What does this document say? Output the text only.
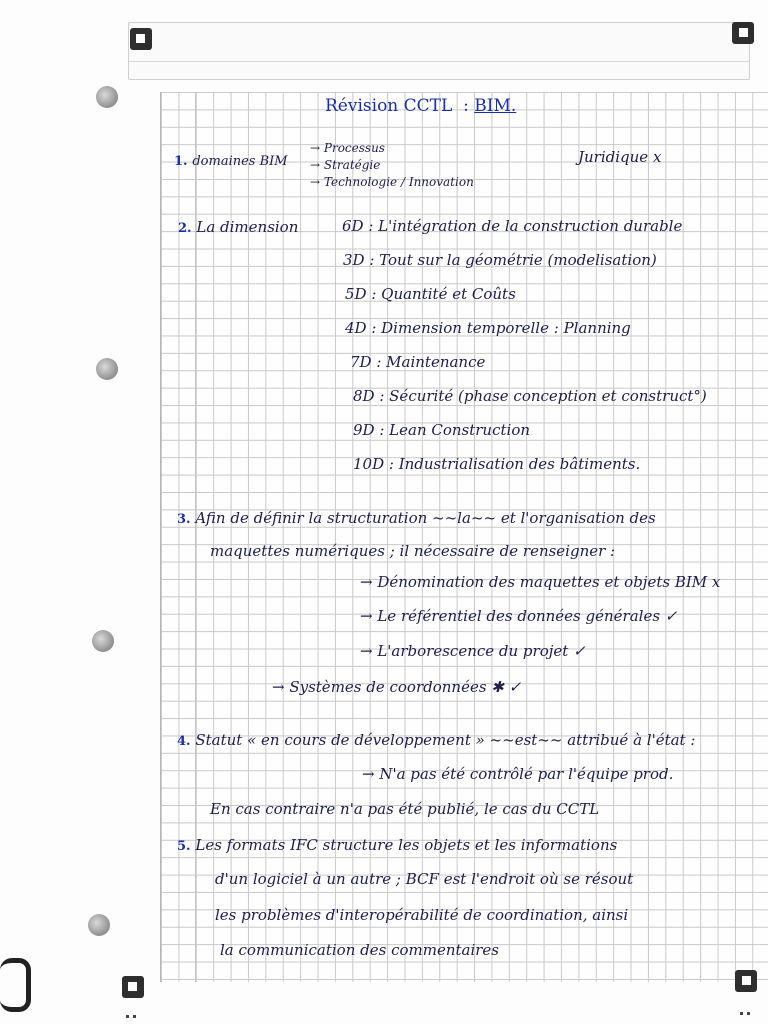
Révision CCTL : BIM.
1. domaines BIM
→ Processus
→ Stratégie
→ Technologie / Innovation
Juridique x
2. La dimension	6D : L'intégration de la construction durable
3D : Tout sur la géométrie (modelisation)
5D : Quantité et Coûts
4D : Dimension temporelle : Planning
7D : Maintenance
8D : Sécurité (phase conception et construct°)
9D : Lean Construction
10D : Industrialisation des bâtiments.
3. Afin de définir la structuration ~~la~~ et l'organisation des
maquettes numériques ; il nécessaire de renseigner :
→ Dénomination des maquettes et objets BIM x
→ Le référentiel des données générales ✓
→ L'arborescence du projet ✓
→ Systèmes de coordonnées ✱ ✓
4. Statut « en cours de développement » ~~est~~ attribué à l'état :
→ N'a pas été contrôlé par l'équipe prod.
En cas contraire n'a pas été publié, le cas du CCTL
5. Les formats IFC structure les objets et les informations
d'un logiciel à un autre ; BCF est l'endroit où se résout
les problèmes d'interopérabilité de coordination, ainsi
la communication des commentaires
